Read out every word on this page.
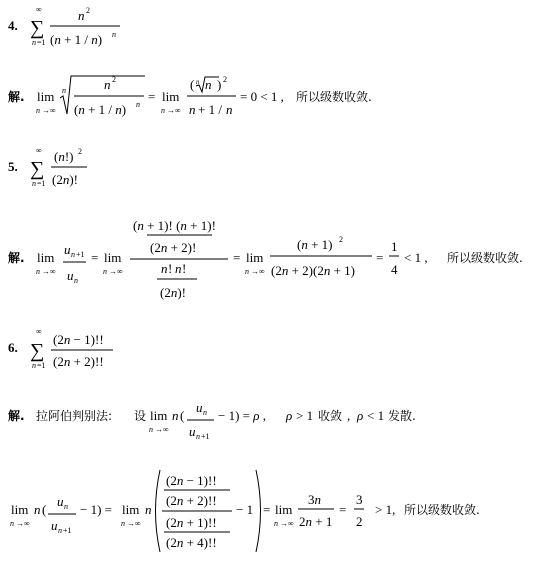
4.
∞
∑
n =1
n 2
(n + 1 / n) n
解. lim
n →∞
n	n 2
(n + 1 / n) n
= lim
n →∞
( n n ) 2
n + 1 / n
= 0 < 1 , 所以级数收敛.
5.
∞
∑
n =1
(n!) 2
(2n)!
解. lim
n →∞
u n +1
u n
= lim
n →∞
(n + 1)! (n + 1)!
(2n + 2)!
n ! n !
(2n)!
= lim
n →∞
(n + 1) 2
(2n + 2)(2n + 1)
=
1
4
< 1 , 所以级数收敛.
6.
∞
∑
n =1
(2n − 1)!!
(2n + 2)!!
解. 拉阿伯判别法: 设 lim
n →∞
n (
u n
u n +1
− 1) = ρ , ρ > 1 收敛 , ρ < 1 发散.
lim
n →∞
n (
u n
u n +1
− 1) = lim
n →∞
n
(2n − 1)!!
(2n + 2)!!
(2n + 1)!!
(2n + 4)!!
− 1 = lim
n →∞
3n
2n + 1
=
3
2
> 1, 所以级数收敛.
